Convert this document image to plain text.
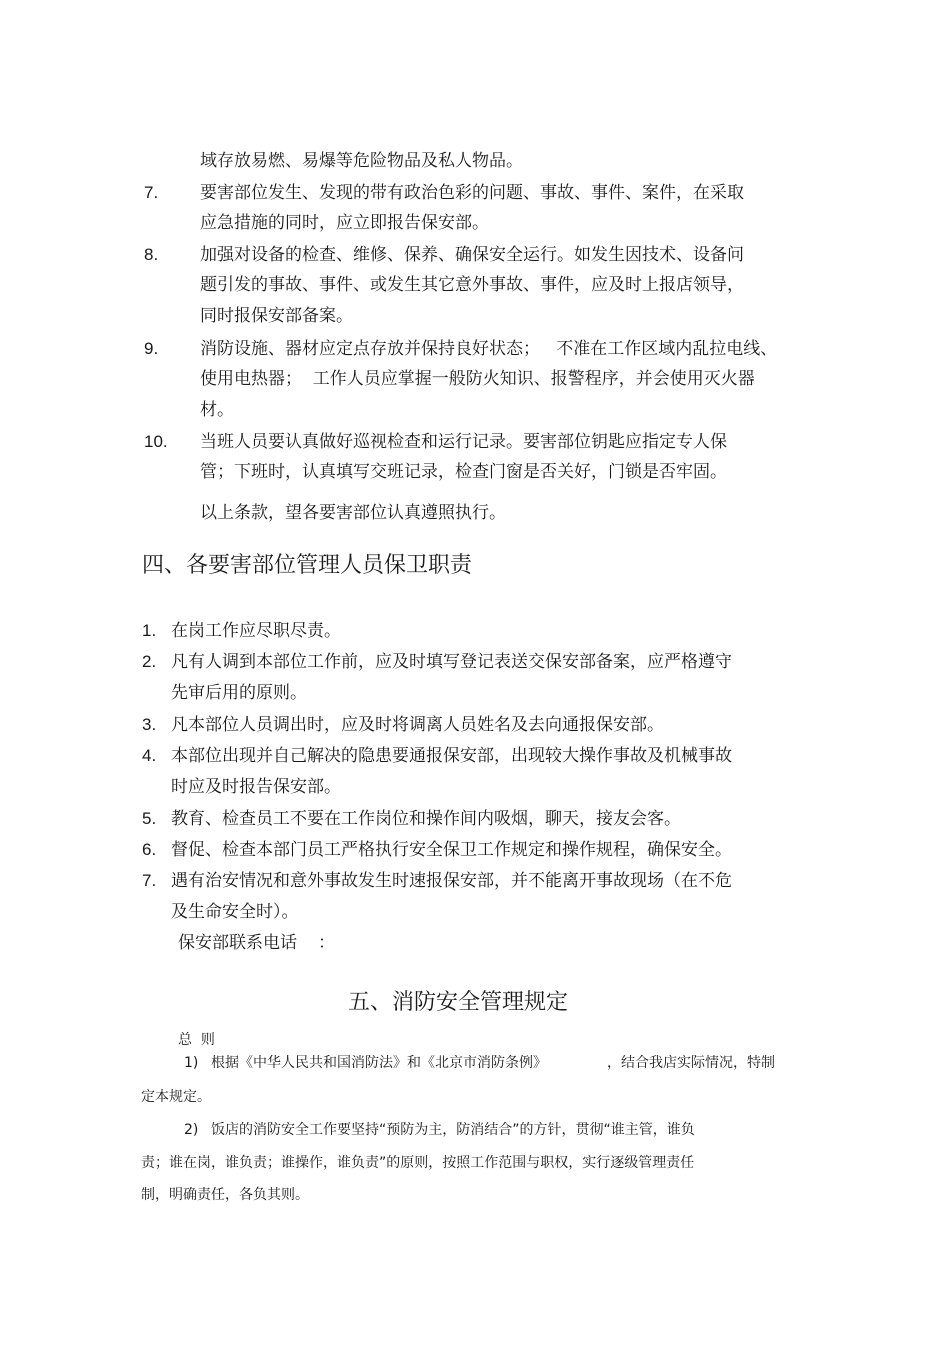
域存放易燃、易爆等危险物品及私人物品。
7. 要害部位发生、发现的带有政治色彩的问题、事故、事件、案件，在采取
应急措施的同时，应立即报告保安部。
8. 加强对设备的检查、维修、保养、确保安全运行。如发生因技术、设备问
题引发的事故、事件、或发生其它意外事故、事件，应及时上报店领导，
同时报保安部备案。
9. 消防设施、器材应定点存放并保持良好状态；   不准在工作区域内乱拉电线、
使用电热器；  工作人员应掌握一般防火知识、报警程序，并会使用灭火器
材。
10. 当班人员要认真做好巡视检查和运行记录。要害部位钥匙应指定专人保
管；下班时，认真填写交班记录，检查门窗是否关好，门锁是否牢固。
以上条款，望各要害部位认真遵照执行。
四、各要害部位管理人员保卫职责
1. 在岗工作应尽职尽责。
2. 凡有人调到本部位工作前，应及时填写登记表送交保安部备案，应严格遵守
先审后用的原则。
3. 凡本部位人员调出时，应及时将调离人员姓名及去向通报保安部。
4. 本部位出现并自己解决的隐患要通报保安部，出现较大操作事故及机械事故
时应及时报告保安部。
5. 教育、检查员工不要在工作岗位和操作间内吸烟，聊天，接友会客。
6. 督促、检查本部门员工严格执行安全保卫工作规定和操作规程，确保安全。
7. 遇有治安情况和意外事故发生时速报保安部，并不能离开事故现场（在不危
及生命安全时）。
保安部联系电话 ：
五、消防安全管理规定
总  则
1) 根据《中华人民共和国消防法》和《北京市消防条例》	，结合我店实际情况，特制
定本规定。
2) 饭店的消防安全工作要坚持“预防为主，防消结合”的方针，贯彻“谁主管，谁负
责；谁在岗，谁负责；谁操作，谁负责”的原则，按照工作范围与职权，实行逐级管理责任
制，明确责任，各负其则。
